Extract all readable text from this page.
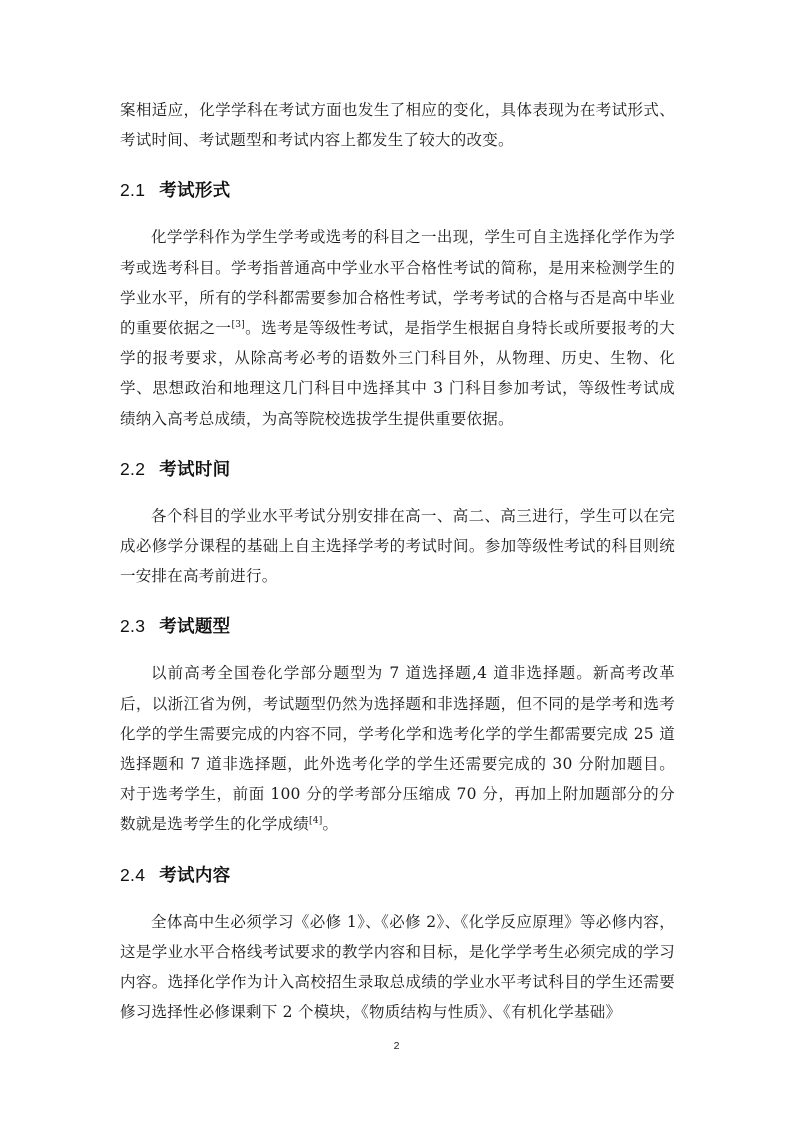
案相适应，化学学科在考试方面也发生了相应的变化，具体表现为在考试形式、考试时间、考试题型和考试内容上都发生了较大的改变。

2.1 考试形式

化学学科作为学生学考或选考的科目之一出现，学生可自主选择化学作为学考或选考科目。学考指普通高中学业水平合格性考试的简称，是用来检测学生的学业水平，所有的学科都需要参加合格性考试，学考考试的合格与否是高中毕业的重要依据之一[3]。选考是等级性考试，是指学生根据自身特长或所要报考的大学的报考要求，从除高考必考的语数外三门科目外，从物理、历史、生物、化学、思想政治和地理这几门科目中选择其中 3 门科目参加考试，等级性考试成绩纳入高考总成绩，为高等院校选拔学生提供重要依据。

2.2 考试时间

各个科目的学业水平考试分别安排在高一、高二、高三进行，学生可以在完成必修学分课程的基础上自主选择学考的考试时间。参加等级性考试的科目则统一安排在高考前进行。

2.3 考试题型

以前高考全国卷化学部分题型为 7 道选择题,4 道非选择题。新高考改革后，以浙江省为例，考试题型仍然为选择题和非选择题，但不同的是学考和选考化学的学生需要完成的内容不同，学考化学和选考化学的学生都需要完成 25 道选择题和 7 道非选择题，此外选考化学的学生还需要完成的 30 分附加题目。对于选考学生，前面 100 分的学考部分压缩成 70 分，再加上附加题部分的分数就是选考学生的化学成绩[4]。

2.4 考试内容

全体高中生必须学习《必修 1》、《必修 2》、《化学反应原理》等必修内容，这是学业水平合格线考试要求的教学内容和目标，是化学学考生必须完成的学习内容。选择化学作为计入高校招生录取总成绩的学业水平考试科目的学生还需要修习选择性必修课剩下 2 个模块，《物质结构与性质》、《有机化学基础》

2
